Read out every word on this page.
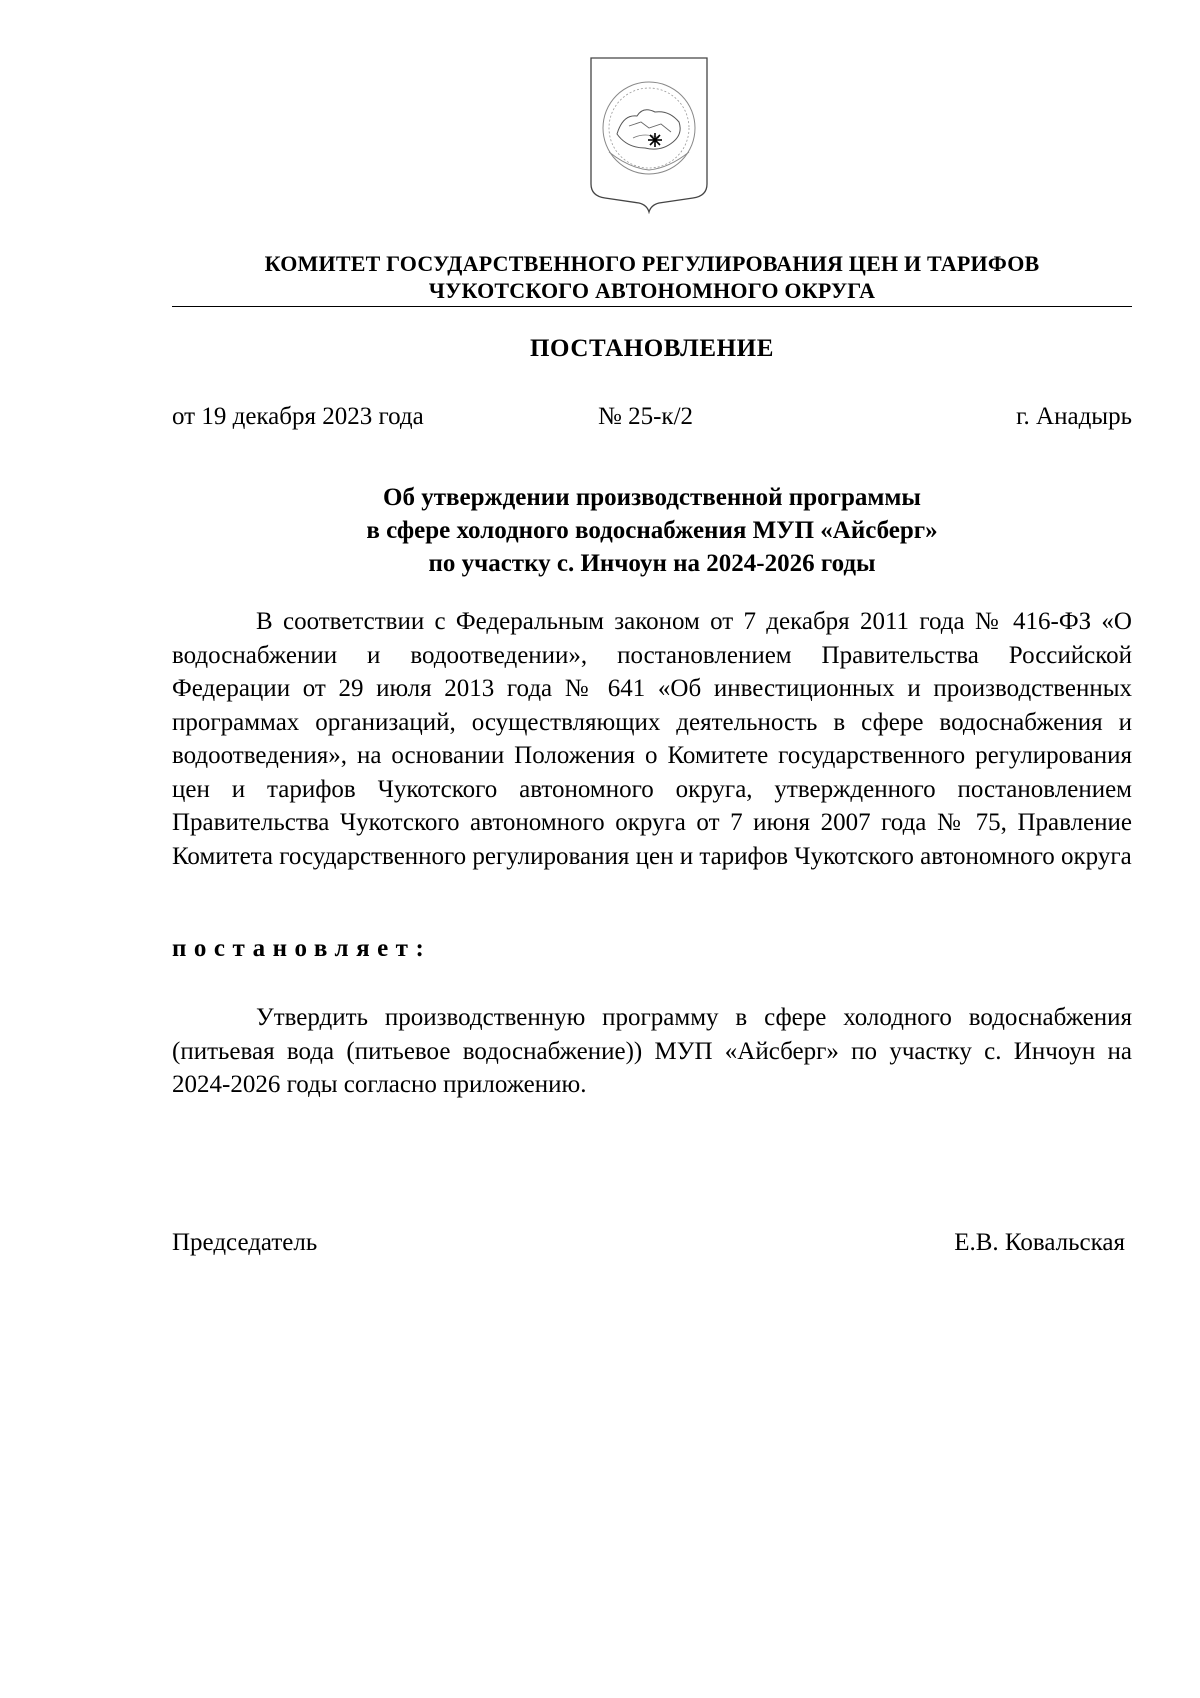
КОМИТЕТ ГОСУДАРСТВЕННОГО РЕГУЛИРОВАНИЯ ЦЕН И ТАРИФОВ
ЧУКОТСКОГО АВТОНОМНОГО ОКРУГА
ПОСТАНОВЛЕНИЕ
от 19 декабря 2023 года	№ 25-к/2	г. Анадырь
Об утверждении производственной программы
в сфере холодного водоснабжения МУП «Айсберг»
по участку с. Инчоун на 2024-2026 годы

В соответствии с Федеральным законом от 7 декабря 2011 года № 416-ФЗ «О водоснабжении и водоотведении», постановлением Правительства Российской Федерации от 29 июля 2013 года № 641 «Об инвестиционных и производственных программах организаций, осуществляющих деятельность в сфере водоснабжения и водоотведения», на основании Положения о Комитете государственного регулирования цен и тарифов Чукотского автономного округа, утвержденного постановлением Правительства Чукотского автономного округа от 7 июня 2007 года № 75, Правление Комитета государственного регулирования цен и тарифов Чукотского автономного округа

постановляет:

Утвердить производственную программу в сфере холодного водоснабжения (питьевая вода (питьевое водоснабжение)) МУП «Айсберг» по участку с. Инчоун на 2024-2026 годы согласно приложению.

Председатель	Е.В. Ковальская
